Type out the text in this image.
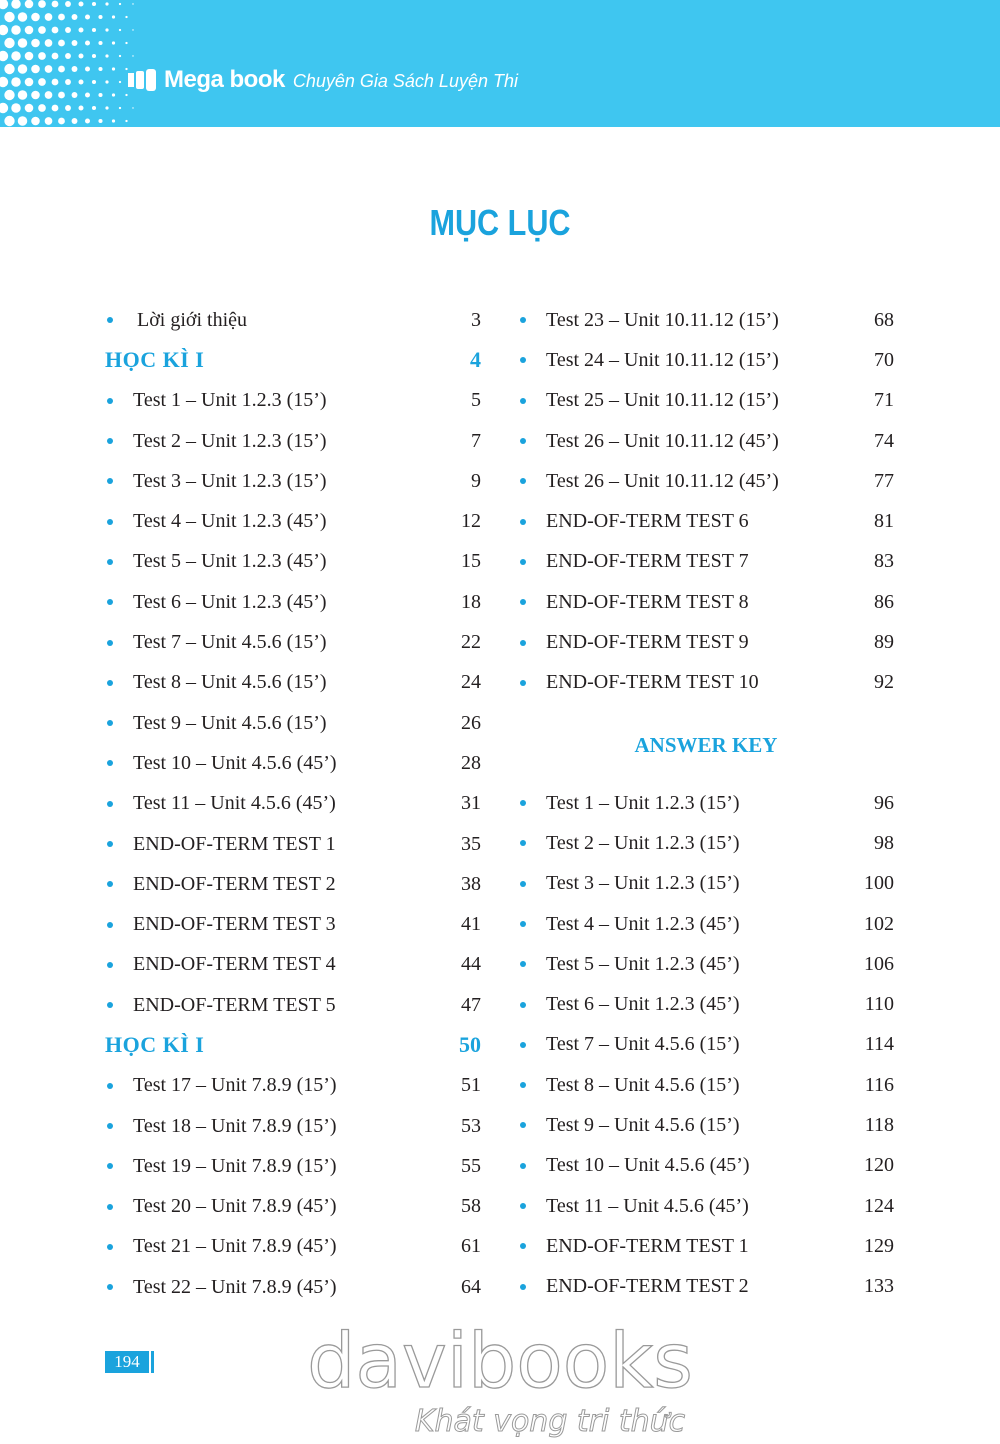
Mega book Chuyên Gia Sách Luyện Thi
MỤC LỤC
Lời giới thiệu	3
HỌC KÌ I	4
Test 1 – Unit 1.2.3 (15’)	5
Test 2 – Unit 1.2.3 (15’)	7
Test 3 – Unit 1.2.3 (15’)	9
Test 4 – Unit 1.2.3 (45’)	12
Test 5 – Unit 1.2.3 (45’)	15
Test 6 – Unit 1.2.3 (45’)	18
Test 7 – Unit 4.5.6 (15’)	22
Test 8 – Unit 4.5.6 (15’)	24
Test 9 – Unit 4.5.6 (15’)	26
Test 10 – Unit 4.5.6 (45’)	28
Test 11 – Unit 4.5.6 (45’)	31
END-OF-TERM TEST 1	35
END-OF-TERM TEST 2	38
END-OF-TERM TEST 3	41
END-OF-TERM TEST 4	44
END-OF-TERM TEST 5	47
HỌC KÌ I	50
Test 17 – Unit 7.8.9 (15’)	51
Test 18 – Unit 7.8.9 (15’)	53
Test 19 – Unit 7.8.9 (15’)	55
Test 20 – Unit 7.8.9 (45’)	58
Test 21 – Unit 7.8.9 (45’)	61
Test 22 – Unit 7.8.9 (45’)	64
Test 23 – Unit 10.11.12 (15’)	68
Test 24 – Unit 10.11.12 (15’)	70
Test 25 – Unit 10.11.12 (15’)	71
Test 26 – Unit 10.11.12 (45’)	74
Test 26 – Unit 10.11.12 (45’)	77
END-OF-TERM TEST 6	81
END-OF-TERM TEST 7	83
END-OF-TERM TEST 8	86
END-OF-TERM TEST 9	89
END-OF-TERM TEST 10	92
ANSWER KEY
Test 1 – Unit 1.2.3 (15’)	96
Test 2 – Unit 1.2.3 (15’)	98
Test 3 – Unit 1.2.3 (15’)	100
Test 4 – Unit 1.2.3 (45’)	102
Test 5 – Unit 1.2.3 (45’)	106
Test 6 – Unit 1.2.3 (45’)	110
Test 7 – Unit 4.5.6 (15’)	114
Test 8 – Unit 4.5.6 (15’)	116
Test 9 – Unit 4.5.6 (15’)	118
Test 10 – Unit 4.5.6 (45’)	120
Test 11 – Unit 4.5.6 (45’)	124
END-OF-TERM TEST 1	129
END-OF-TERM TEST 2	133
194 davibooks
Khát vọng tri thức
